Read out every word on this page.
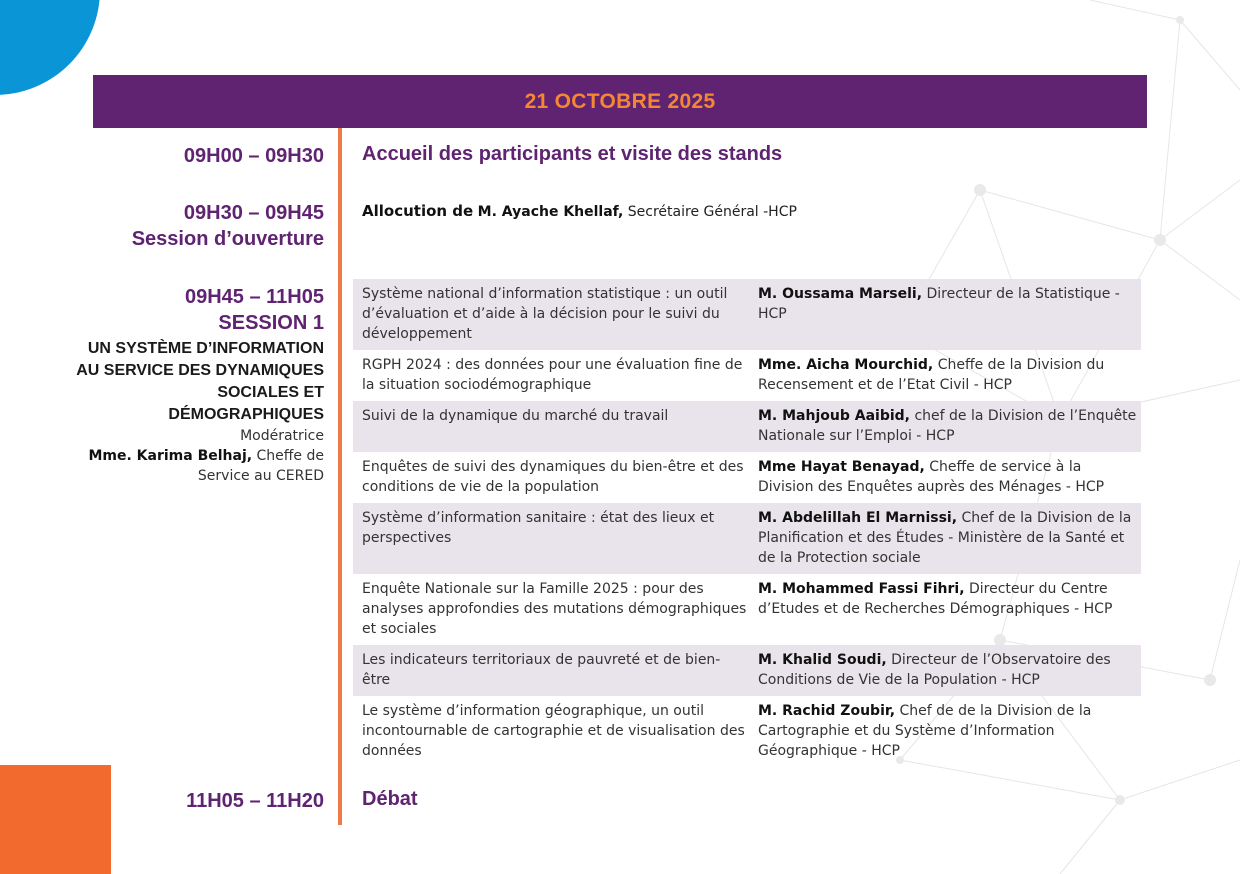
21 OCTOBRE 2025
09H00 – 09H30 Accueil des participants et visite des stands
09H30 – 09H45
Session d’ouverture
Allocution de M. Ayache Khellaf, Secrétaire Général -HCP
09H45 – 11H05
SESSION 1
UN SYSTÈME D’INFORMATION AU SERVICE DES DYNAMIQUES SOCIALES ET DÉMOGRAPHIQUES
Modératrice
Mme. Karima Belhaj, Cheffe de Service au CERED
Système national d’information statistique : un outil d’évaluation et d’aide à la décision pour le suivi du développement
M. Oussama Marseli, Directeur de la Statistique - HCP
RGPH 2024 : des données pour une évaluation fine de la situation sociodémographique
Mme. Aicha Mourchid, Cheffe de la Division du Recensement et de l’Etat Civil - HCP
Suivi de la dynamique du marché du travail	M. Mahjoub Aaibid, chef de la Division de l’Enquête Nationale sur l’Emploi - HCP
Enquêtes de suivi des dynamiques du bien-être et des conditions de vie de la population
Mme Hayat Benayad, Cheffe de service à la Division des Enquêtes auprès des Ménages - HCP
Système d’information sanitaire : état des lieux et perspectives
M. Abdelillah El Marnissi, Chef de la Division de la Planification et des Études - Ministère de la Santé et de la Protection sociale
Enquête Nationale sur la Famille 2025 : pour des analyses approfondies des mutations démographiques et sociales
M. Mohammed Fassi Fihri, Directeur du Centre d’Etudes et de Recherches Démographiques - HCP
Les indicateurs territoriaux de pauvreté et de bien-être
M. Khalid Soudi, Directeur de l’Observatoire des Conditions de Vie de la Population - HCP
Le système d’information géographique, un outil incontournable de cartographie et de visualisation des données
M. Rachid Zoubir, Chef de de la Division de la Cartographie et du Système d’Information Géographique - HCP
11H05 – 11H20 Débat
